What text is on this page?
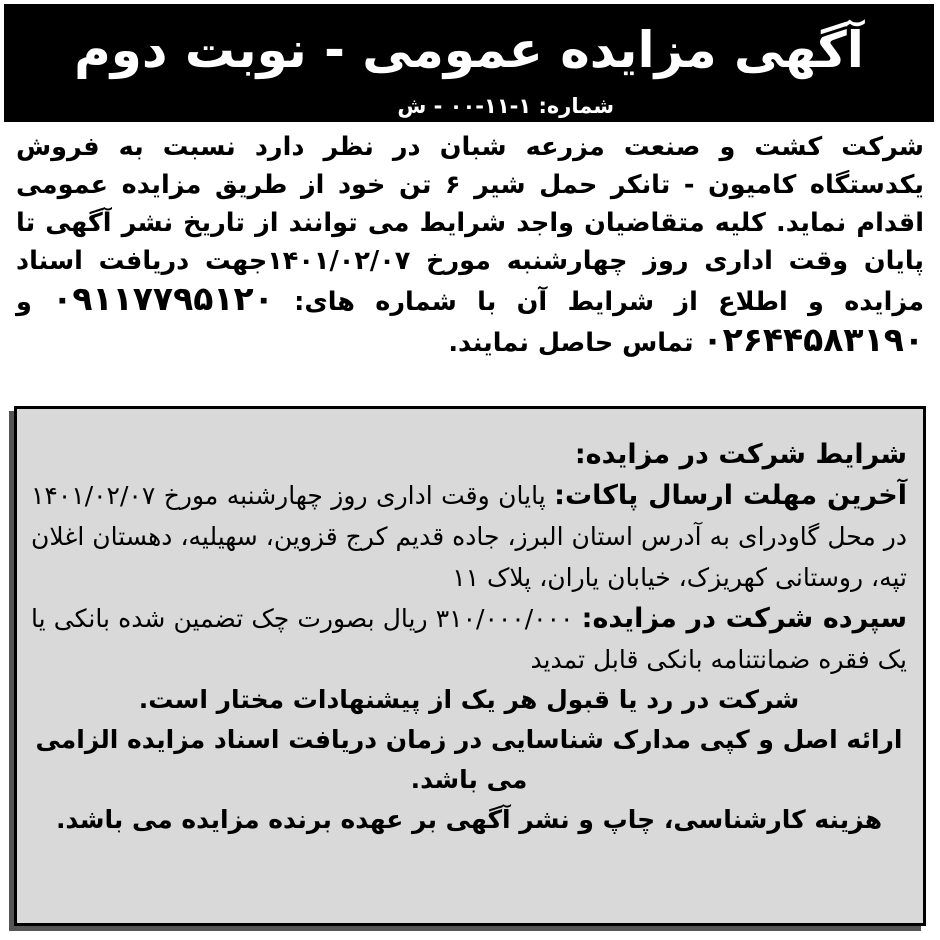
آگهی مزایده عمومی - نوبت دوم
شماره: ۱-۱۱-۰۰ - ش

شرکت کشت و صنعت مزرعه شبان در نظر دارد نسبت به فروش یکدستگاه کامیون - تانکر حمل شیر ۶ تن خود از طریق مزایده عمومی اقدام نماید. کلیه متقاضیان واجد شرایط می توانند از تاریخ نشر آگهی تا پایان وقت اداری روز چهارشنبه مورخ ۱۴۰۱/۰۲/۰۷جهت دریافت اسناد مزایده و اطلاع از شرایط آن با شماره های: ۰۹۱۱۷۷۹۵۱۲۰ و ۰۲۶۴۴۵۸۳۱۹۰ تماس حاصل نمایند.

شرایط شرکت در مزایده:

آخرین مهلت ارسال پاکات: پایان وقت اداری روز چهارشنبه مورخ ۱۴۰۱/۰۲/۰۷ در محل گاودرای به آدرس استان البرز، جاده قدیم کرج قزوین، سهیلیه، دهستان اغلان تپه، روستانی کهریزک، خیابان یاران، پلاک ۱۱

سپرده شرکت در مزایده: ۳۱۰/۰۰۰/۰۰۰ ریال بصورت چک تضمین شده بانکی یا یک فقره ضمانتنامه بانکی قابل تمدید

شرکت در رد یا قبول هر یک از پیشنهادات مختار است.

ارائه اصل و کپی مدارک شناسایی در زمان دریافت اسناد مزایده الزامی می باشد.

هزینه کارشناسی، چاپ و نشر آگهی بر عهده برنده مزایده می باشد.
